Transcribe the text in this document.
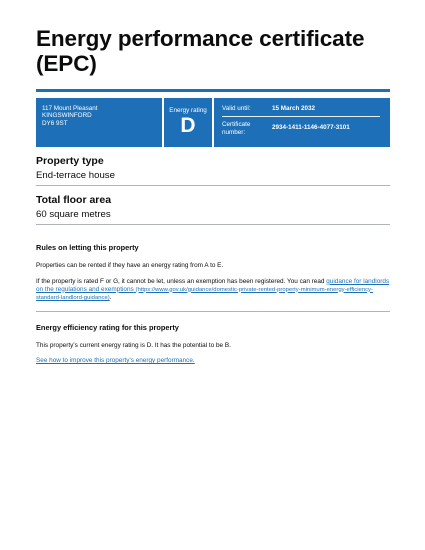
Energy performance certificate
(EPC)
117 Mount Pleasant
KINGSWINFORD
DY6 9ST
Energy rating
D
Valid until:	15 March 2032
Certificate
number:
2934-1411-1146-4077-3101
Property type
End-terrace house
Total floor area
60 square metres
Rules on letting this property

Properties can be rented if they have an energy rating from A to E.

If the property is rated F or G, it cannot be let, unless an exemption has been registered. You can read guidance for landlords on the regulations and exemptions (https://www.gov.uk/guidance/domestic-private-rented-property-minimum-energy-efficiency-standard-landlord-guidance).

Energy efficiency rating for this property

This property’s current energy rating is D. It has the potential to be B.

See how to improve this property’s energy performance.
